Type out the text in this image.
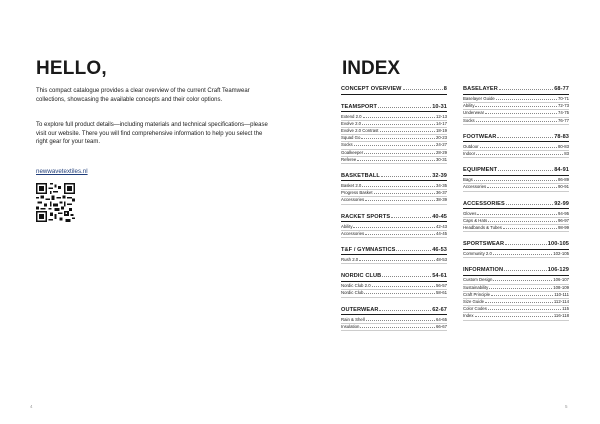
HELLO,

This compact catalogue provides a clear overview of the current Craft Teamwear collections, showcasing the available concepts and their color options.

To explore full product details—including materials and technical specifications—please visit our website. There you will find comprehensive information to help you select the right gear for your team.

newwavetextiles.nl
4
INDEX
CONCEPT OVERVIEW	8
TEAMSPORT	10-31
Extend 2.0	12-13
Evolve 2.0	14-17
Evolve 2.0 Contrast	18-19
Squad Go	20-23
Socks	24-27
Goalkeeper	28-29
Referee	30-31
BASKETBALL	32-39
Basket 2.0	34-35
Progress Basket	36-37
Accessories	38-39
RACKET SPORTS	40-45
Ability	42-43
Accessories	44-45
T&F / GYMNASTICS	46-53
Rush 2.0	48-53
NORDIC CLUB	54-61
Nordic Club 2.0	56-57
Nordic Club	58-61
OUTERWEAR	62-67
Rain & Shell	64-65
Insulation	66-67
BASELAYER	68-77
Baselayer Guide	70-71
Ability	72-73
Underwear	74-75
Socks	76-77
FOOTWEAR	78-83
Outdoor	80-83
Indoor	83
EQUIPMENT	84-91
Bags	86-89
Accessories	90-91
ACCESSORIES	92-99
Gloves	94-95
Caps & Hats	96-97
Headbands & Tubes	98-99
SPORTSWEAR	100-105
Community 2.0	102-105
INFORMATION	106-129
Custom Design	106-107
Sustainability	108-109
Craft Principle	110-111
Size Guide	112-114
Color Codes	115
Index	116-118
5
